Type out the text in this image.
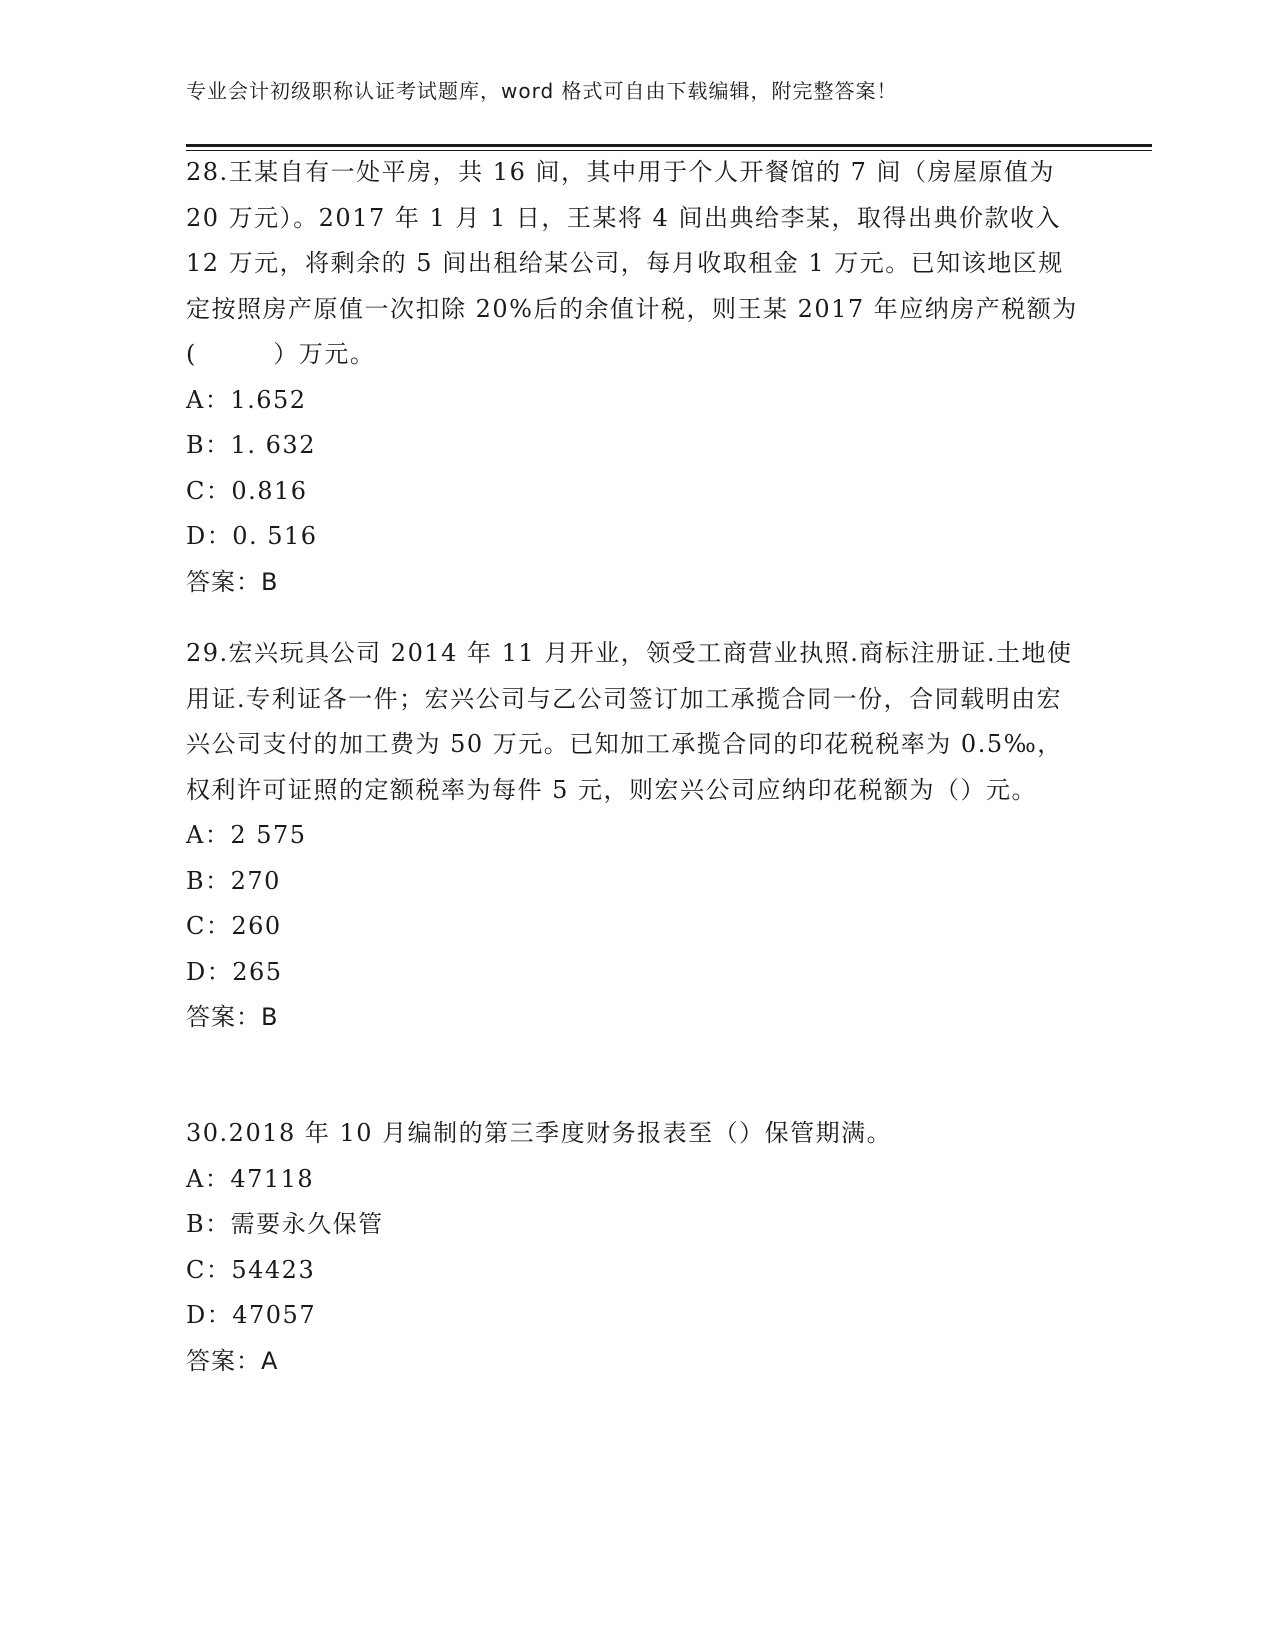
专业会计初级职称认证考试题库，word 格式可自由下载编辑，附完整答案！

28.王某自有一处平房，共 16 间，其中用于个人开餐馆的 7 间（房屋原值为 20 万元）。2017 年 1 月 1 日，王某将 4 间出典给李某，取得出典价款收入 12 万元，将剩余的 5 间出租给某公司，每月收取租金 1 万元。已知该地区规定按照房产原值一次扣除 20%后的余值计税，则王某 2017 年应纳房产税额为(　　　）万元。

A：1.652

B：1. 632

C：0.816

D：0. 516

答案：B

29.宏兴玩具公司 2014 年 11 月开业，领受工商营业执照.商标注册证.土地使用证.专利证各一件；宏兴公司与乙公司签订加工承揽合同一份，合同载明由宏兴公司支付的加工费为 50 万元。已知加工承揽合同的印花税税率为 0.5‰，权利许可证照的定额税率为每件 5 元，则宏兴公司应纳印花税额为（）元。

A：2 575

B：270

C：260

D：265

答案：B

30.2018 年 10 月编制的第三季度财务报表至（）保管期满。

A：47118

B：需要永久保管

C：54423

D：47057

答案：A
